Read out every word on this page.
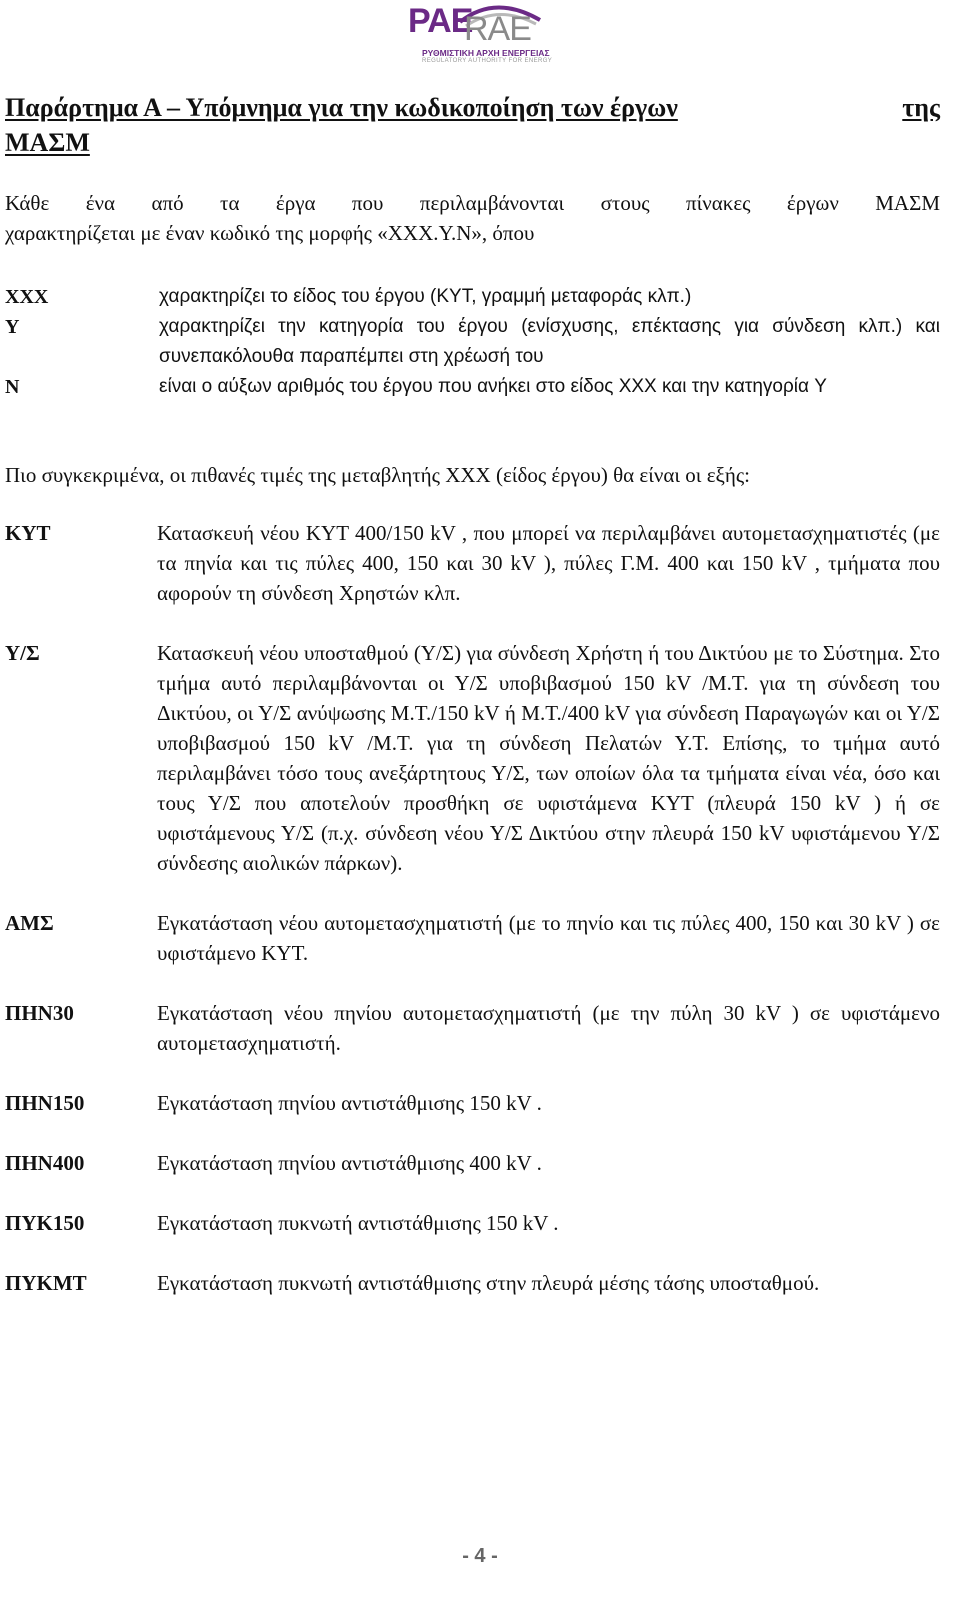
PAE
RAE
ΡΥΘΜΙΣΤΙΚΗ ΑΡΧΗ ΕΝΕΡΓΕΙΑΣ
REGULATORY AUTHORITY FOR ENERGY
Παράρτημα Α – Υπόμνημα για την κωδικοποίηση των έργων	της
ΜΑΣΜ

Κάθε ένα από τα έργα που περιλαμβάνονται στους πίνακες έργων ΜΑΣΜ
χαρακτηρίζεται με έναν κωδικό της μορφής «XXX.Y.N», όπου

XXX	χαρακτηρίζει το είδος του έργου (ΚΥΤ, γραμμή μεταφοράς κλπ.)
Y	χαρακτηρίζει την κατηγορία του έργου (ενίσχυσης, επέκτασης για σύνδεση κλπ.) και συνεπακόλουθα παραπέμπει στη χρέωσή του
N	είναι ο αύξων αριθμός του έργου που ανήκει στο είδος XXX και την κατηγορία Y

Πιο συγκεκριμένα, οι πιθανές τιμές της μεταβλητής XXX (είδος έργου) θα είναι οι εξής:

ΚΥΤ	Κατασκευή νέου ΚΥΤ 400/150 kV , που μπορεί να περιλαμβάνει αυτομετασχηματιστές (με τα πηνία και τις πύλες 400, 150 και 30 kV ), πύλες Γ.Μ. 400 και 150 kV , τμήματα που αφορούν τη σύνδεση Χρηστών κλπ.
Υ/Σ	Κατασκευή νέου υποσταθμού (Υ/Σ) για σύνδεση Χρήστη ή του Δικτύου με το Σύστημα. Στο τμήμα αυτό περιλαμβάνονται οι Υ/Σ υποβιβασμού 150 kV /Μ.Τ. για τη σύνδεση του Δικτύου, οι Υ/Σ ανύψωσης Μ.Τ./150 kV ή Μ.Τ./400 kV για σύνδεση Παραγωγών και οι Υ/Σ υποβιβασμού 150 kV /Μ.Τ. για τη σύνδεση Πελατών Υ.Τ. Επίσης, το τμήμα αυτό περιλαμβάνει τόσο τους ανεξάρτητους Υ/Σ, των οποίων όλα τα τμήματα είναι νέα, όσο και τους Υ/Σ που αποτελούν προσθήκη σε υφιστάμενα ΚΥΤ (πλευρά 150 kV ) ή σε υφιστάμενους Υ/Σ (π.χ. σύνδεση νέου Υ/Σ Δικτύου στην πλευρά 150 kV υφιστάμενου Υ/Σ σύνδεσης αιολικών πάρκων).
ΑΜΣ	Εγκατάσταση νέου αυτομετασχηματιστή (με το πηνίο και τις πύλες 400, 150 και 30 kV ) σε υφιστάμενο ΚΥΤ.
ΠΗΝ30	Εγκατάσταση νέου πηνίου αυτομετασχηματιστή (με την πύλη 30 kV ) σε υφιστάμενο αυτομετασχηματιστή.
ΠΗΝ150	Εγκατάσταση πηνίου αντιστάθμισης 150 kV .
ΠΗΝ400	Εγκατάσταση πηνίου αντιστάθμισης 400 kV .
ΠΥΚ150	Εγκατάσταση πυκνωτή αντιστάθμισης 150 kV .
ΠΥΚΜΤ	Εγκατάσταση πυκνωτή αντιστάθμισης στην πλευρά μέσης τάσης υποσταθμού.
- 4 -
